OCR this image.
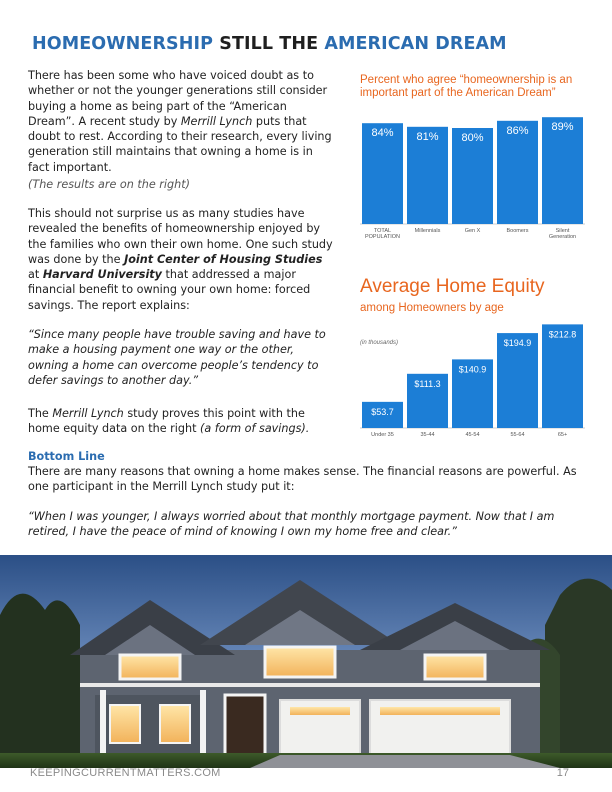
HOMEOWNERSHIP STILL THE AMERICAN DREAM
There has been some who have voiced doubt as to whether or not the younger generations still consider buying a home as being part of the “American Dream”. A recent study by Merrill Lynch puts that doubt to rest. According to their research, every living generation still maintains that owning a home is in fact important.
(The results are on the right)
This should not surprise us as many studies have revealed the benefits of homeownership enjoyed by the families who own their own home. One such study was done by the Joint Center of Housing Studies at Harvard University that addressed a major financial benefit to owning your own home: forced savings. The report explains:
“Since many people have trouble saving and have to make a housing payment one way or the other, owning a home can overcome people’s tendency to defer savings to another day.”
The Merrill Lynch study proves this point with the home equity data on the right (a form of savings).
Bottom Line
There are many reasons that owning a home makes sense. The financial reasons are powerful. As one participant in the Merrill Lynch study put it:
“When I was younger, I always worried about that monthly mortgage payment. Now that I am retired, I have the peace of mind of knowing I own my home free and clear.”
Percent who agree “homeownership is an important part of the American Dream”
84%
TOTAL POPULATION
81%
Millennials
80%
Gen X
86%
Boomers
89%
Silent Generation
Average Home Equity
among Homeowners by age
(in thousands)
$53.7
Under 35
$111.3
35-44
$140.9
45-54
$194.9
55-64
$212.8
65+
KEEPINGCURRENTMATTERS.COM	17
